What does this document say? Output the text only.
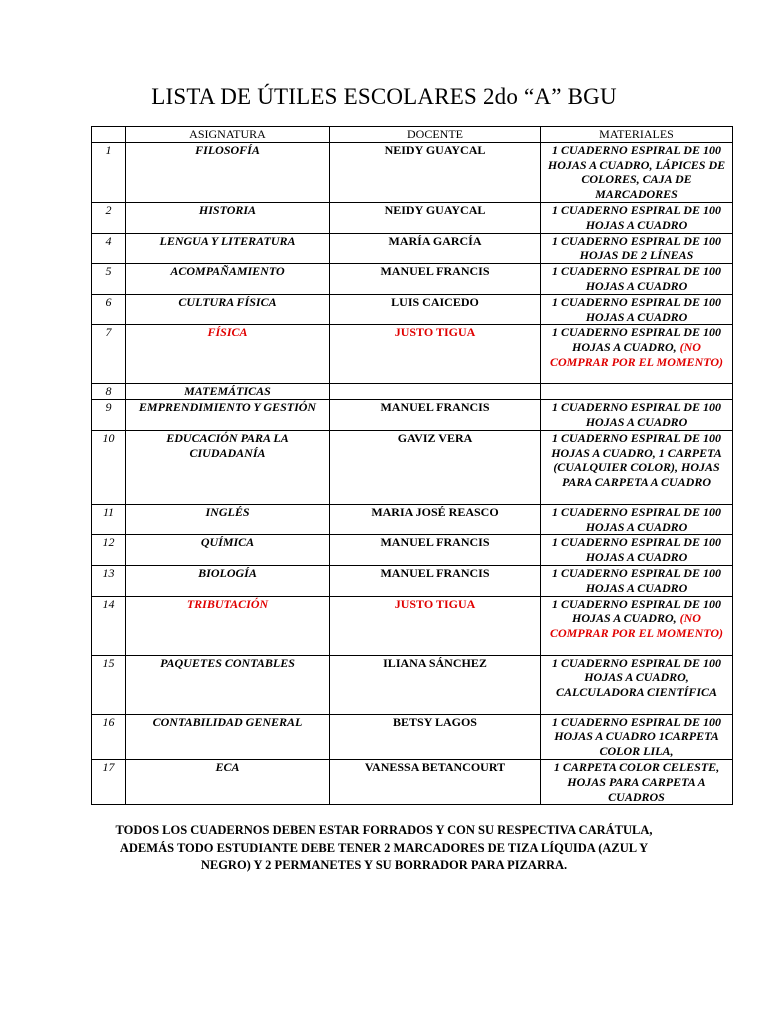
LISTA DE ÚTILES ESCOLARES 2do “A” BGU
	ASIGNATURA	DOCENTE	MATERIALES
1	FILOSOFÍA	NEIDY GUAYCAL	1 CUADERNO ESPIRAL DE 100 HOJAS A CUADRO, LÁPICES DE COLORES, CAJA DE MARCADORES
2	HISTORIA	NEIDY GUAYCAL	1 CUADERNO ESPIRAL DE 100 HOJAS A CUADRO
4	LENGUA Y LITERATURA	MARÍA GARCÍA	1 CUADERNO ESPIRAL DE 100 HOJAS DE 2 LÍNEAS
5	ACOMPAÑAMIENTO	MANUEL FRANCIS	1 CUADERNO ESPIRAL DE 100 HOJAS A CUADRO
6	CULTURA FÍSICA	LUIS CAICEDO	1 CUADERNO ESPIRAL DE 100 HOJAS A CUADRO
7	FÍSICA	JUSTO TIGUA	1 CUADERNO ESPIRAL DE 100 HOJAS A CUADRO, (NO COMPRAR POR EL MOMENTO)
8	MATEMÁTICAS		
9	EMPRENDIMIENTO Y GESTIÓN	MANUEL FRANCIS	1 CUADERNO ESPIRAL DE 100 HOJAS A CUADRO
10	EDUCACIÓN PARA LA CIUDADANÍA	GAVIZ VERA	1 CUADERNO ESPIRAL DE 100 HOJAS A CUADRO, 1 CARPETA (CUALQUIER COLOR), HOJAS PARA CARPETA A CUADRO
11	INGLÉS	MARIA JOSÉ REASCO	1 CUADERNO ESPIRAL DE 100 HOJAS A CUADRO
12	QUÍMICA	MANUEL FRANCIS	1 CUADERNO ESPIRAL DE 100 HOJAS A CUADRO
13	BIOLOGÍA	MANUEL FRANCIS	1 CUADERNO ESPIRAL DE 100 HOJAS A CUADRO
14	TRIBUTACIÓN	JUSTO TIGUA	1 CUADERNO ESPIRAL DE 100 HOJAS A CUADRO, (NO COMPRAR POR EL MOMENTO)
15	PAQUETES CONTABLES	ILIANA SÁNCHEZ	1 CUADERNO ESPIRAL DE 100 HOJAS A CUADRO, CALCULADORA CIENTÍFICA
16	CONTABILIDAD GENERAL	BETSY LAGOS	1 CUADERNO ESPIRAL DE 100 HOJAS A CUADRO 1CARPETA COLOR LILA,
17	ECA	VANESSA BETANCOURT	1 CARPETA COLOR CELESTE, HOJAS PARA CARPETA A CUADROS
TODOS LOS CUADERNOS DEBEN ESTAR FORRADOS Y CON SU RESPECTIVA CARÁTULA, ADEMÁS TODO ESTUDIANTE DEBE TENER 2 MARCADORES DE TIZA LÍQUIDA (AZUL Y NEGRO) Y 2 PERMANETES Y SU BORRADOR PARA PIZARRA.
